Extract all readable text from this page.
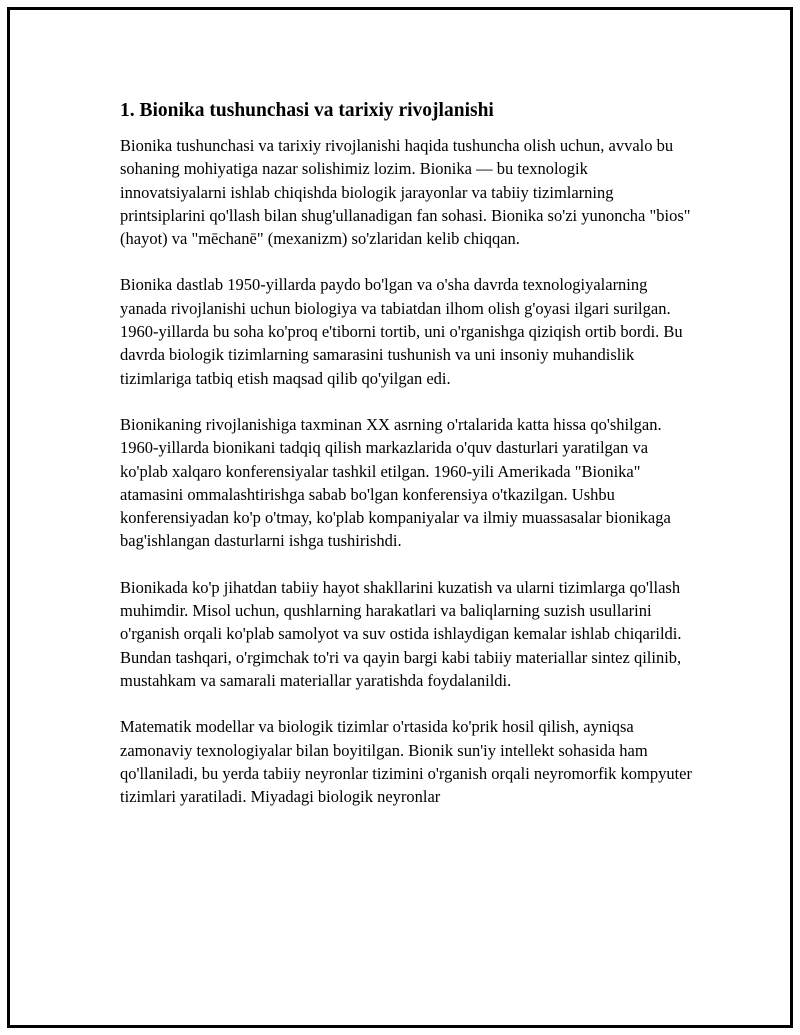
1. Bionika tushunchasi va tarixiy rivojlanishi

Bionika tushunchasi va tarixiy rivojlanishi haqida tushuncha olish uchun, avvalo bu sohaning mohiyatiga nazar solishimiz lozim. Bionika — bu texnologik innovatsiyalarni ishlab chiqishda biologik jarayonlar va tabiiy tizimlarning printsiplarini qo'llash bilan shug'ullanadigan fan sohasi. Bionika so'zi yunoncha "bios" (hayot) va "mēchanē" (mexanizm) so'zlaridan kelib chiqqan.

Bionika dastlab 1950-yillarda paydo bo'lgan va o'sha davrda texnologiyalarning yanada rivojlanishi uchun biologiya va tabiatdan ilhom olish g'oyasi ilgari surilgan. 1960-yillarda bu soha ko'proq e'tiborni tortib, uni o'rganishga qiziqish ortib bordi. Bu davrda biologik tizimlarning samarasini tushunish va uni insoniy muhandislik tizimlariga tatbiq etish maqsad qilib qo'yilgan edi.

Bionikaning rivojlanishiga taxminan XX asrning o'rtalarida katta hissa qo'shilgan. 1960-yillarda bionikani tadqiq qilish markazlarida o'quv dasturlari yaratilgan va ko'plab xalqaro konferensiyalar tashkil etilgan. 1960-yili Amerikada "Bionika" atamasini ommalashtirishga sabab bo'lgan konferensiya o'tkazilgan. Ushbu konferensiyadan ko'p o'tmay, ko'plab kompaniyalar va ilmiy muassasalar bionikaga bag'ishlangan dasturlarni ishga tushirishdi.

Bionikada ko'p jihatdan tabiiy hayot shakllarini kuzatish va ularni tizimlarga qo'llash muhimdir. Misol uchun, qushlarning harakatlari va baliqlarning suzish usullarini o'rganish orqali ko'plab samolyot va suv ostida ishlaydigan kemalar ishlab chiqarildi. Bundan tashqari, o'rgimchak to'ri va qayin bargi kabi tabiiy materiallar sintez qilinib, mustahkam va samarali materiallar yaratishda foydalanildi.

Matematik modellar va biologik tizimlar o'rtasida ko'prik hosil qilish, ayniqsa zamonaviy texnologiyalar bilan boyitilgan. Bionik sun'iy intellekt sohasida ham qo'llaniladi, bu yerda tabiiy neyronlar tizimini o'rganish orqali neyromorfik kompyuter tizimlari yaratiladi. Miyadagi biologik neyronlar
